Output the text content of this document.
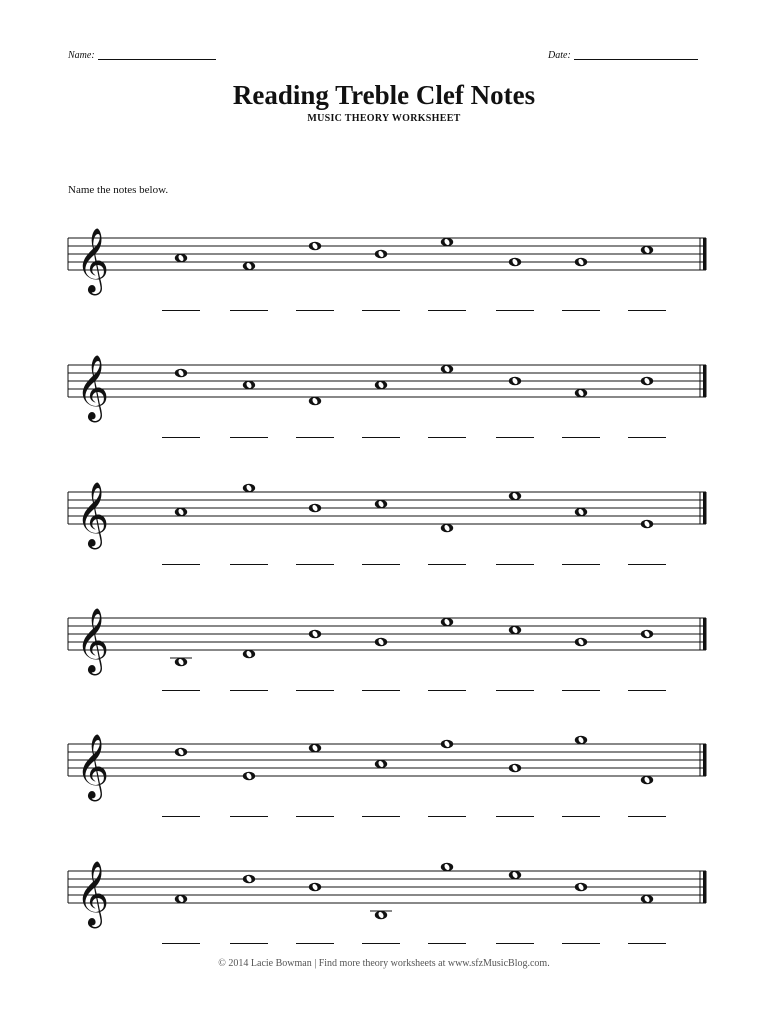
Name:	Date:
Reading Treble Clef Notes
MUSIC THEORY WORKSHEET
Name the notes below.
𝄞
𝄞
𝄞
𝄞
𝄞
𝄞
© 2014 Lacie Bowman | Find more theory worksheets at www.sfzMusicBlog.com.
